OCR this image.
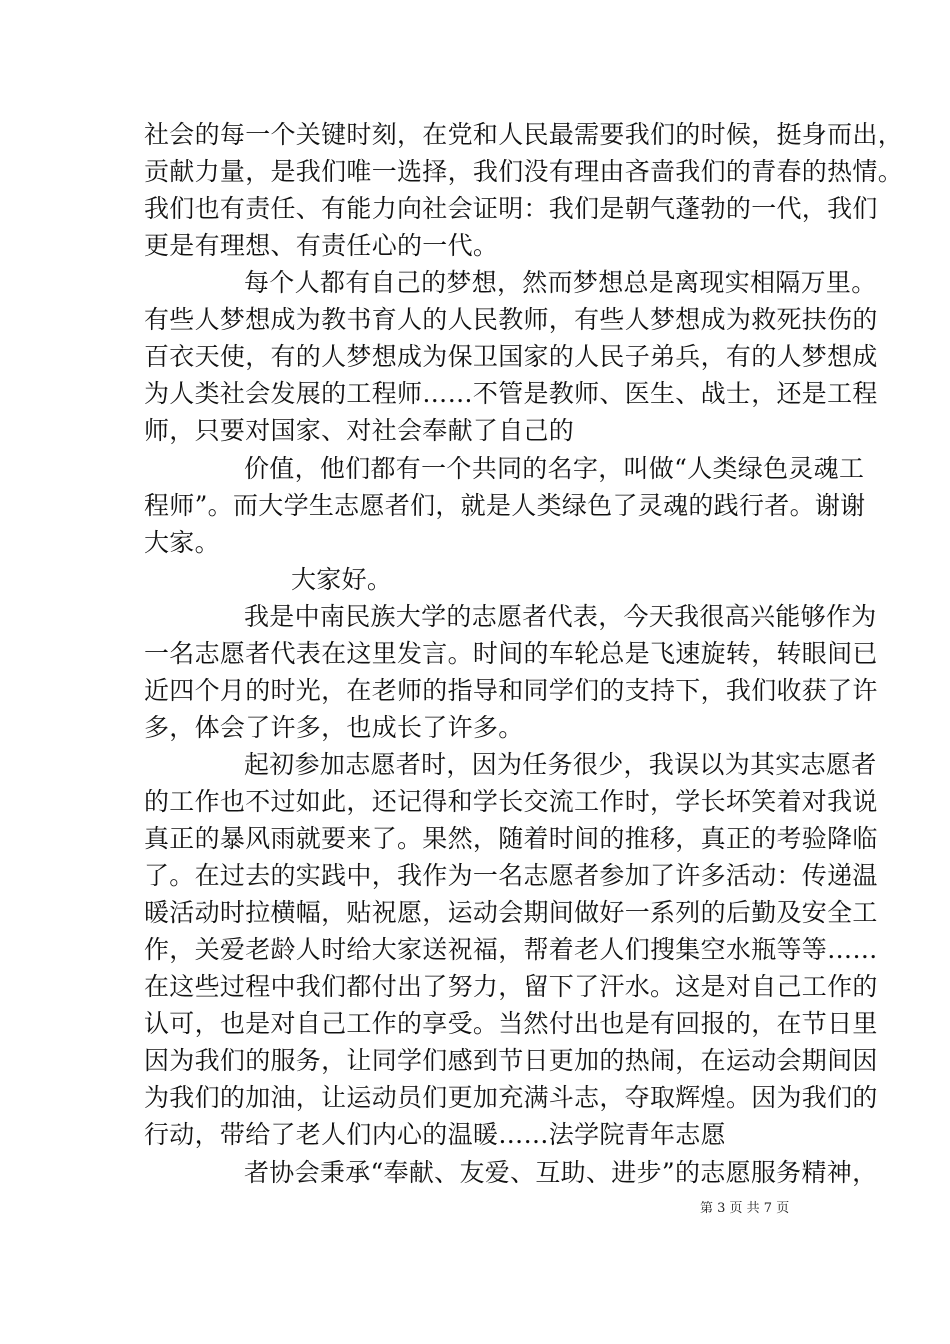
社会的每一个关键时刻，在党和人民最需要我们的时候，挺身而出，
贡献力量，是我们唯一选择，我们没有理由吝啬我们的青春的热情。
我们也有责任、有能力向社会证明：我们是朝气蓬勃的一代，我们
更是有理想、有责任心的一代。
每个人都有自己的梦想，然而梦想总是离现实相隔万里。
有些人梦想成为教书育人的人民教师，有些人梦想成为救死扶伤的
百衣天使，有的人梦想成为保卫国家的人民子弟兵，有的人梦想成
为人类社会发展的工程师……不管是教师、医生、战士，还是工程
师，只要对国家、对社会奉献了自己的
价值，他们都有一个共同的名字，叫做“人类绿色灵魂工
程师”。而大学生志愿者们，就是人类绿色了灵魂的践行者。谢谢
大家。
大家好。
我是中南民族大学的志愿者代表，今天我很高兴能够作为
一名志愿者代表在这里发言。时间的车轮总是飞速旋转，转眼间已
近四个月的时光，在老师的指导和同学们的支持下，我们收获了许
多，体会了许多，也成长了许多。
起初参加志愿者时，因为任务很少，我误以为其实志愿者
的工作也不过如此，还记得和学长交流工作时，学长坏笑着对我说
真正的暴风雨就要来了。果然，随着时间的推移，真正的考验降临
了。在过去的实践中，我作为一名志愿者参加了许多活动：传递温
暖活动时拉横幅，贴祝愿，运动会期间做好一系列的后勤及安全工
作，关爱老龄人时给大家送祝福，帮着老人们搜集空水瓶等等……
在这些过程中我们都付出了努力，留下了汗水。这是对自己工作的
认可，也是对自己工作的享受。当然付出也是有回报的，在节日里
因为我们的服务，让同学们感到节日更加的热闹，在运动会期间因
为我们的加油，让运动员们更加充满斗志，夺取辉煌。因为我们的
行动，带给了老人们内心的温暖……法学院青年志愿
者协会秉承“奉献、友爱、互助、进步”的志愿服务精神，
第 3 页 共 7 页
